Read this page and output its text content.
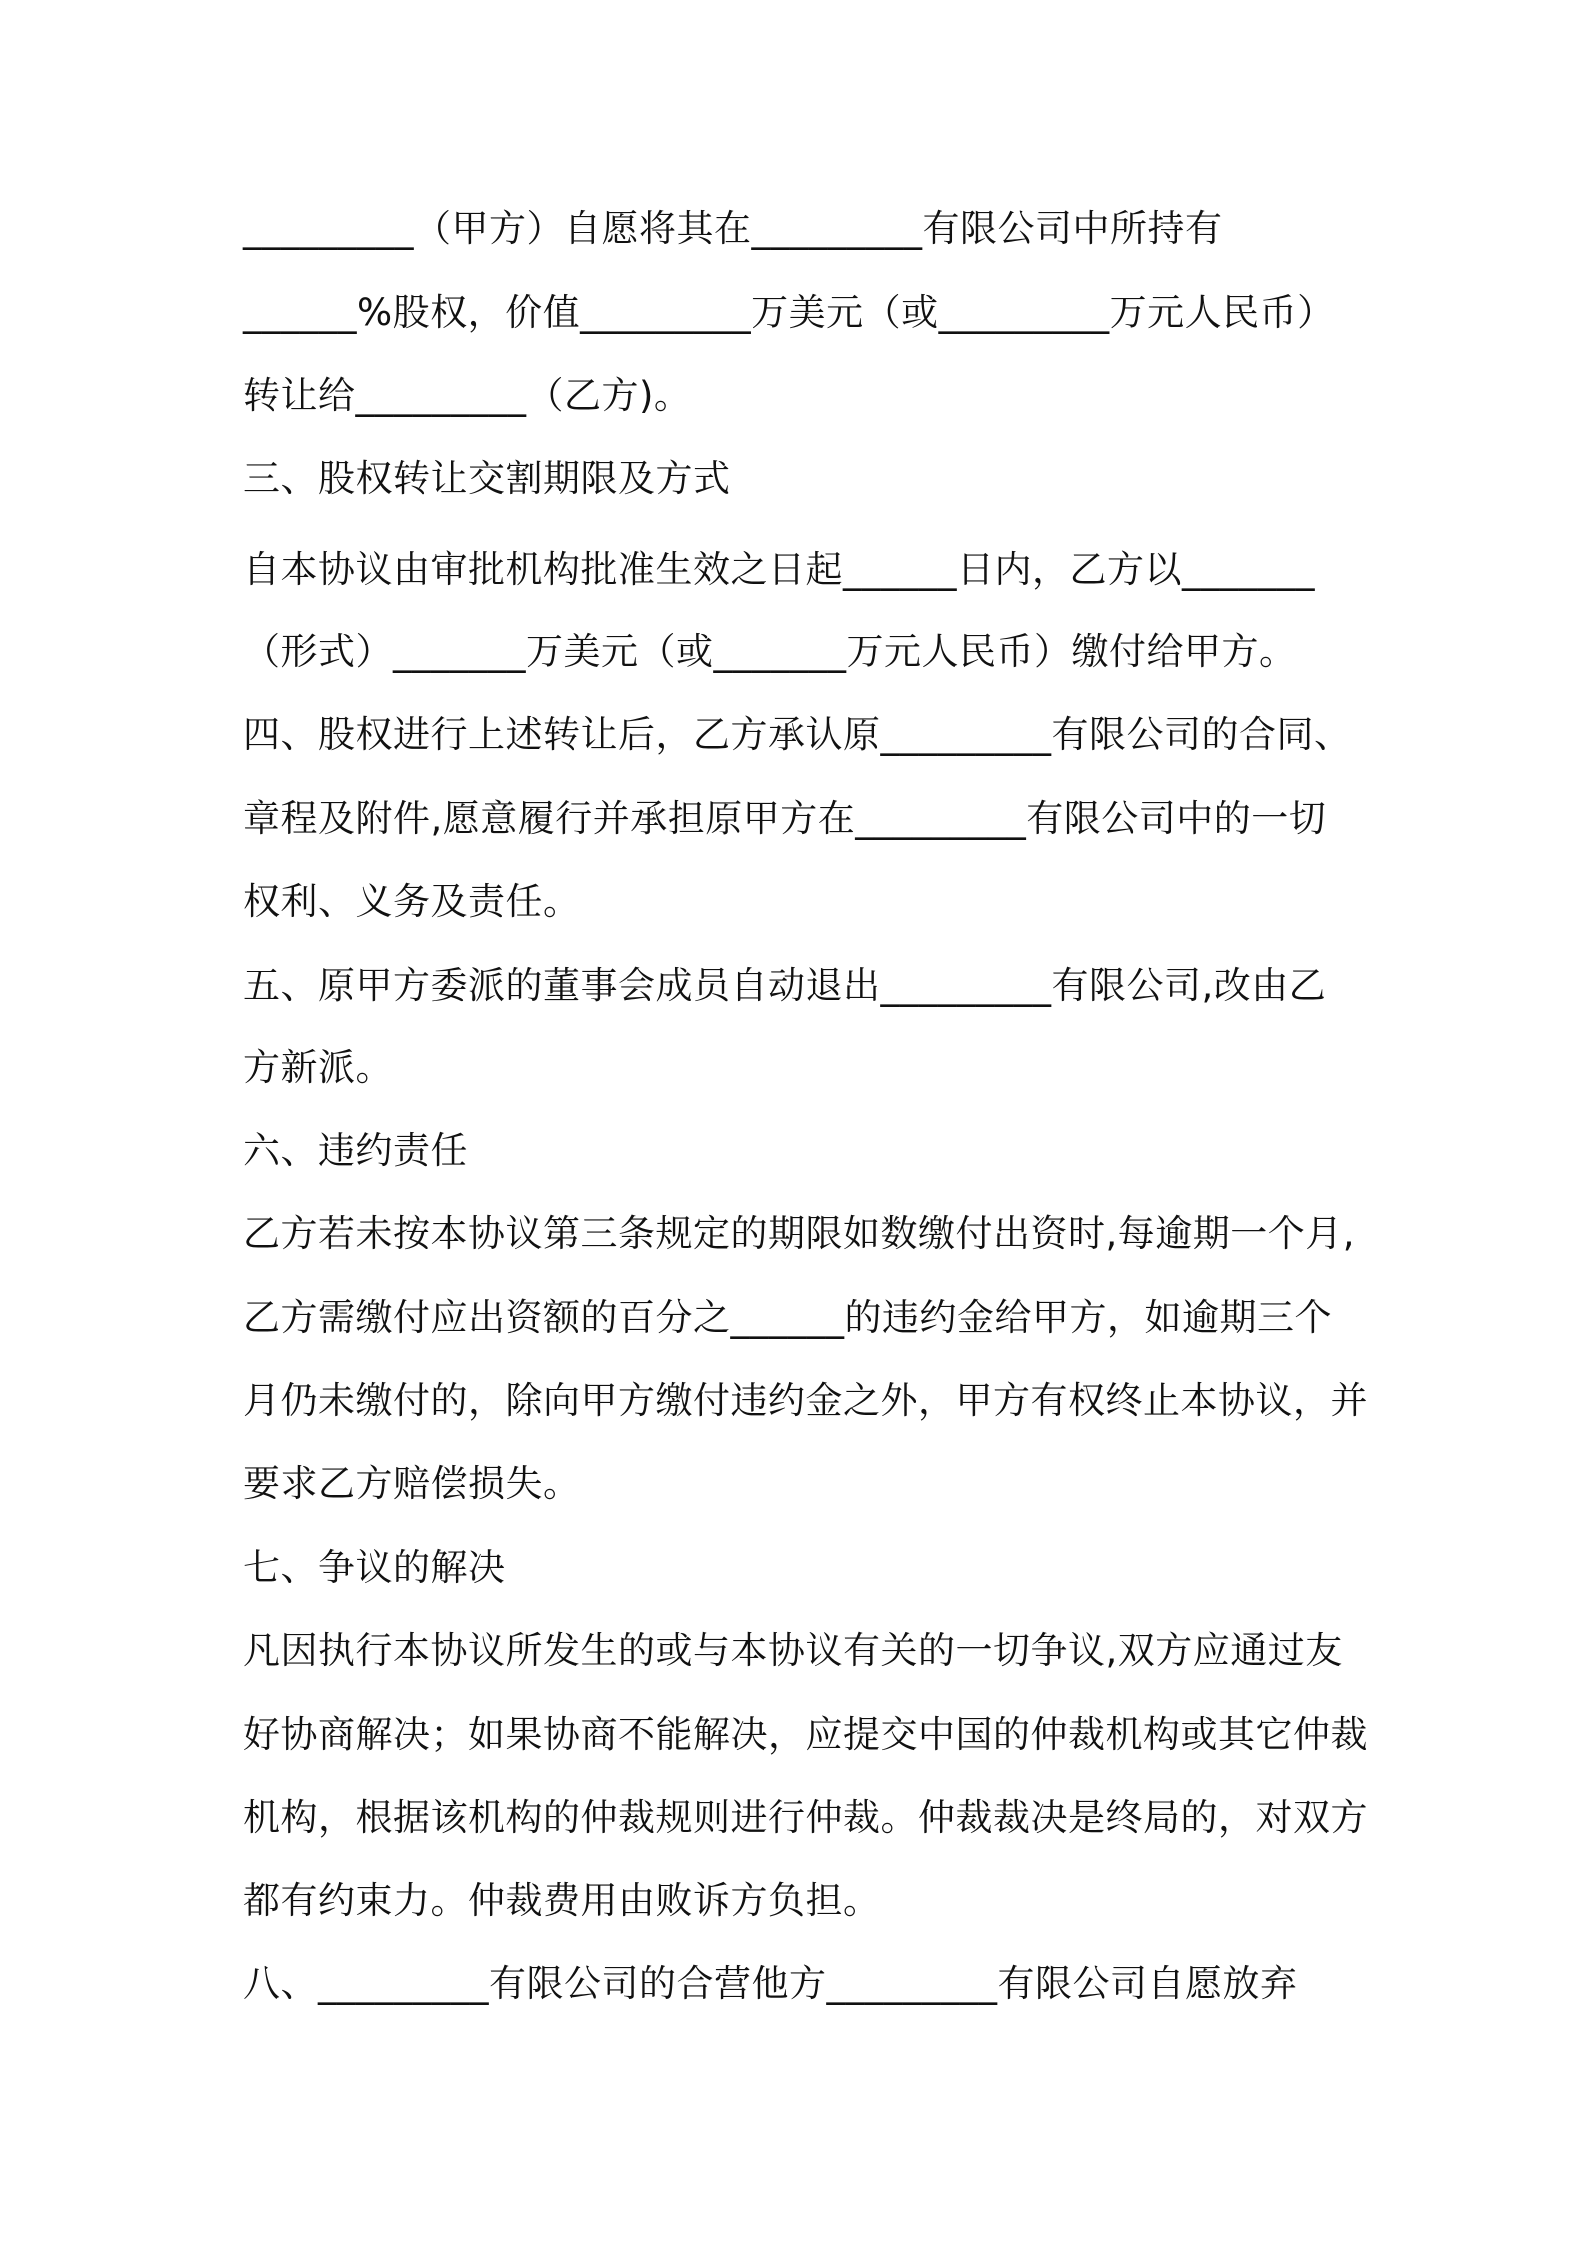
_________（甲方）自愿将其在_________有限公司中所持有

______%股权，价值_________万美元（或_________万元人民币）

转让给_________（乙方)。

三、股权转让交割期限及方式

自本协议由审批机构批准生效之日起______日内，乙方以_______

（形式）_______万美元（或_______万元人民币）缴付给甲方。

四、股权进行上述转让后，乙方承认原_________有限公司的合同、

章程及附件,愿意履行并承担原甲方在_________有限公司中的一切

权利、义务及责任。

五、原甲方委派的董事会成员自动退出_________有限公司,改由乙

方新派。

六、违约责任

乙方若未按本协议第三条规定的期限如数缴付出资时,每逾期一个月,

乙方需缴付应出资额的百分之______的违约金给甲方，如逾期三个

月仍未缴付的，除向甲方缴付违约金之外，甲方有权终止本协议，并

要求乙方赔偿损失。

七、争议的解决

凡因执行本协议所发生的或与本协议有关的一切争议,双方应通过友

好协商解决；如果协商不能解决，应提交中国的仲裁机构或其它仲裁

机构，根据该机构的仲裁规则进行仲裁。仲裁裁决是终局的，对双方

都有约束力。仲裁费用由败诉方负担。

八、_________有限公司的合营他方_________有限公司自愿放弃
